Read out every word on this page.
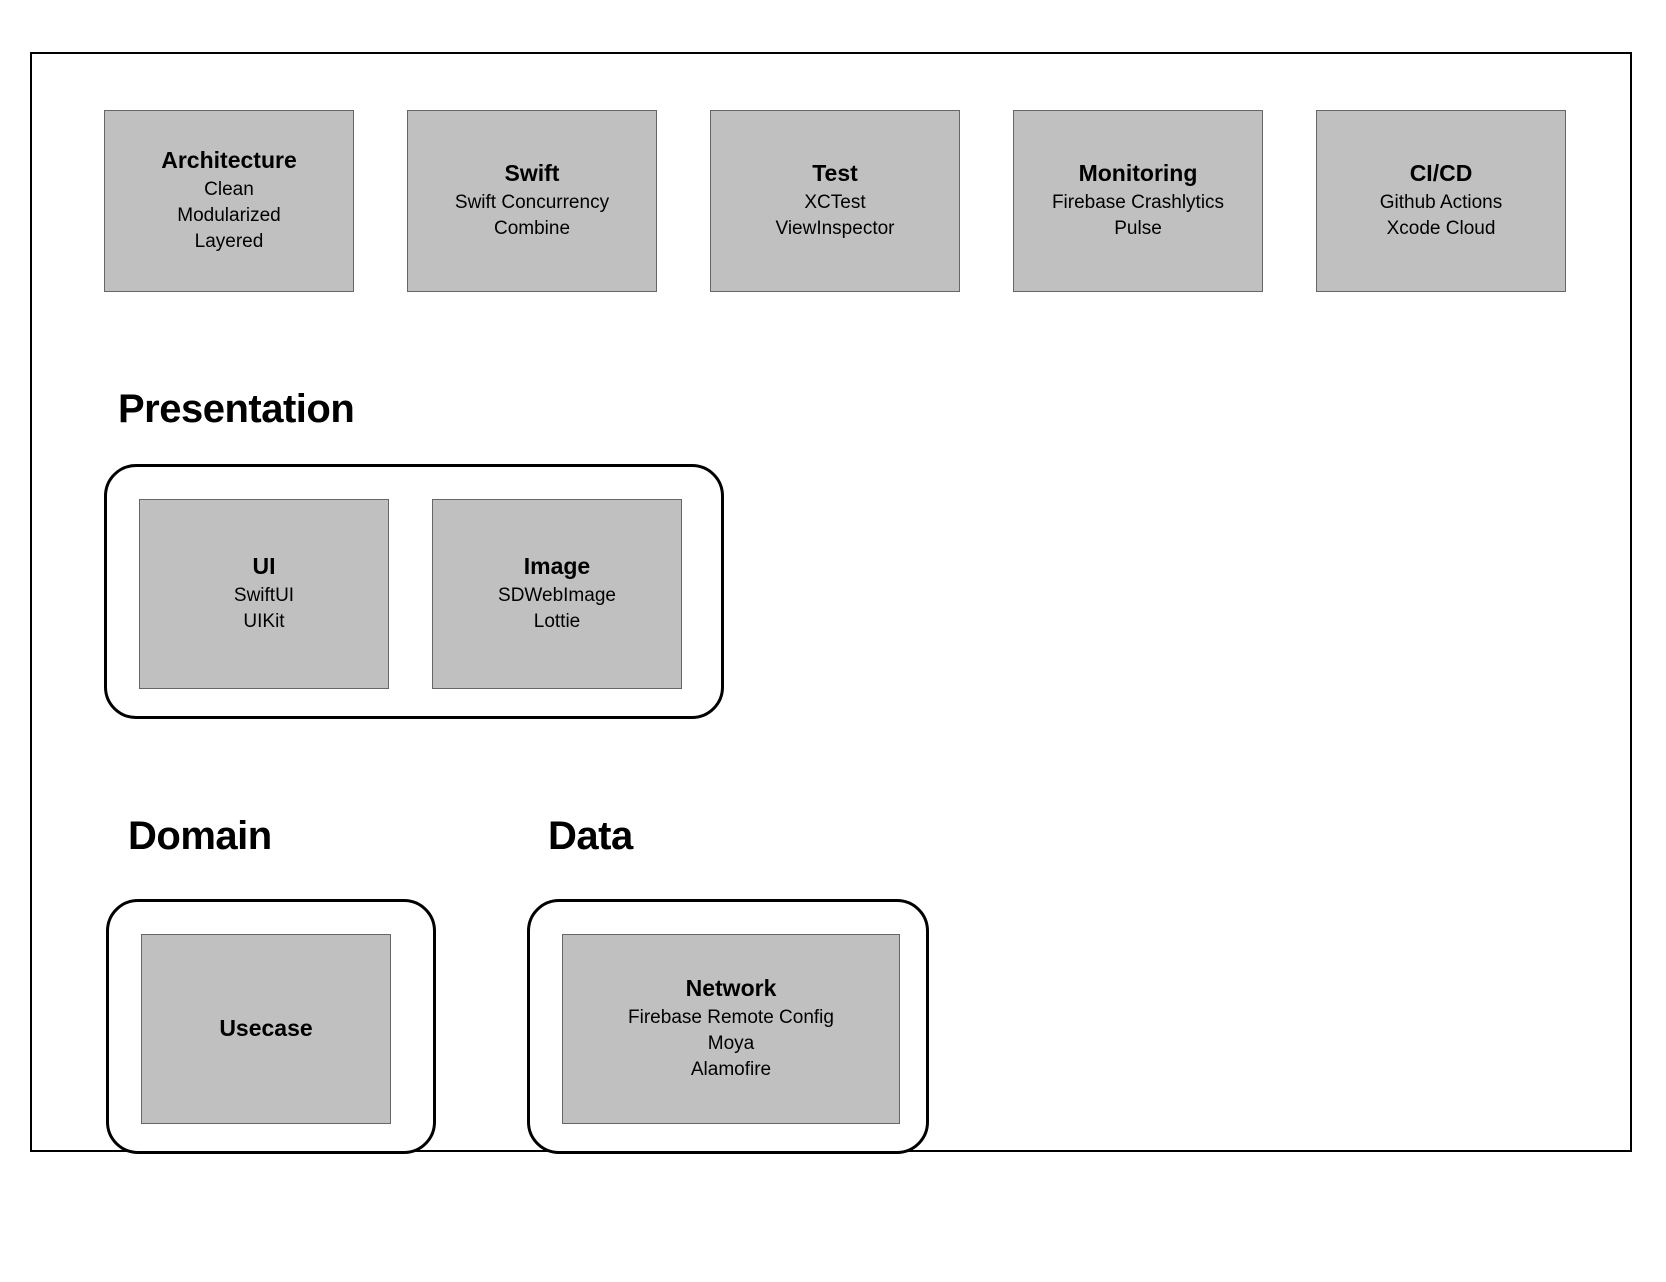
Architecture
Clean
Modularized
Layered
Swift
Swift Concurrency
Combine
Test
XCTest
ViewInspector
Monitoring
Firebase Crashlytics
Pulse
CI/CD
Github Actions
Xcode Cloud
Presentation
UI
SwiftUI
UIKit
Image
SDWebImage
Lottie
Domain
Usecase
Data
Network
Firebase Remote Config
Moya
Alamofire
